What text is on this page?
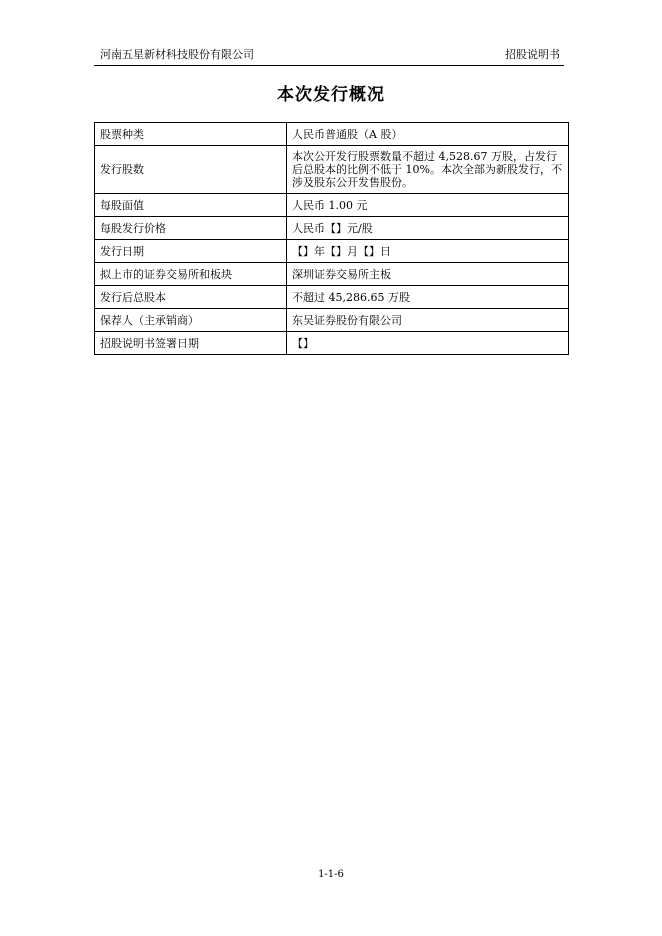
河南五星新材科技股份有限公司	招股说明书
本次发行概况
股票种类	人民币普通股（A 股）
发行股数	本次公开发行股票数量不超过 4,528.67 万股，占发行后总股本的比例不低于 10%。本次全部为新股发行，不涉及股东公开发售股份。
每股面值	人民币 1.00 元
每股发行价格	人民币【】元/股
发行日期	【】年【】月【】日
拟上市的证券交易所和板块	深圳证券交易所主板
发行后总股本	不超过 45,286.65 万股
保荐人（主承销商）	东吴证券股份有限公司
招股说明书签署日期	【】
1-1-6
